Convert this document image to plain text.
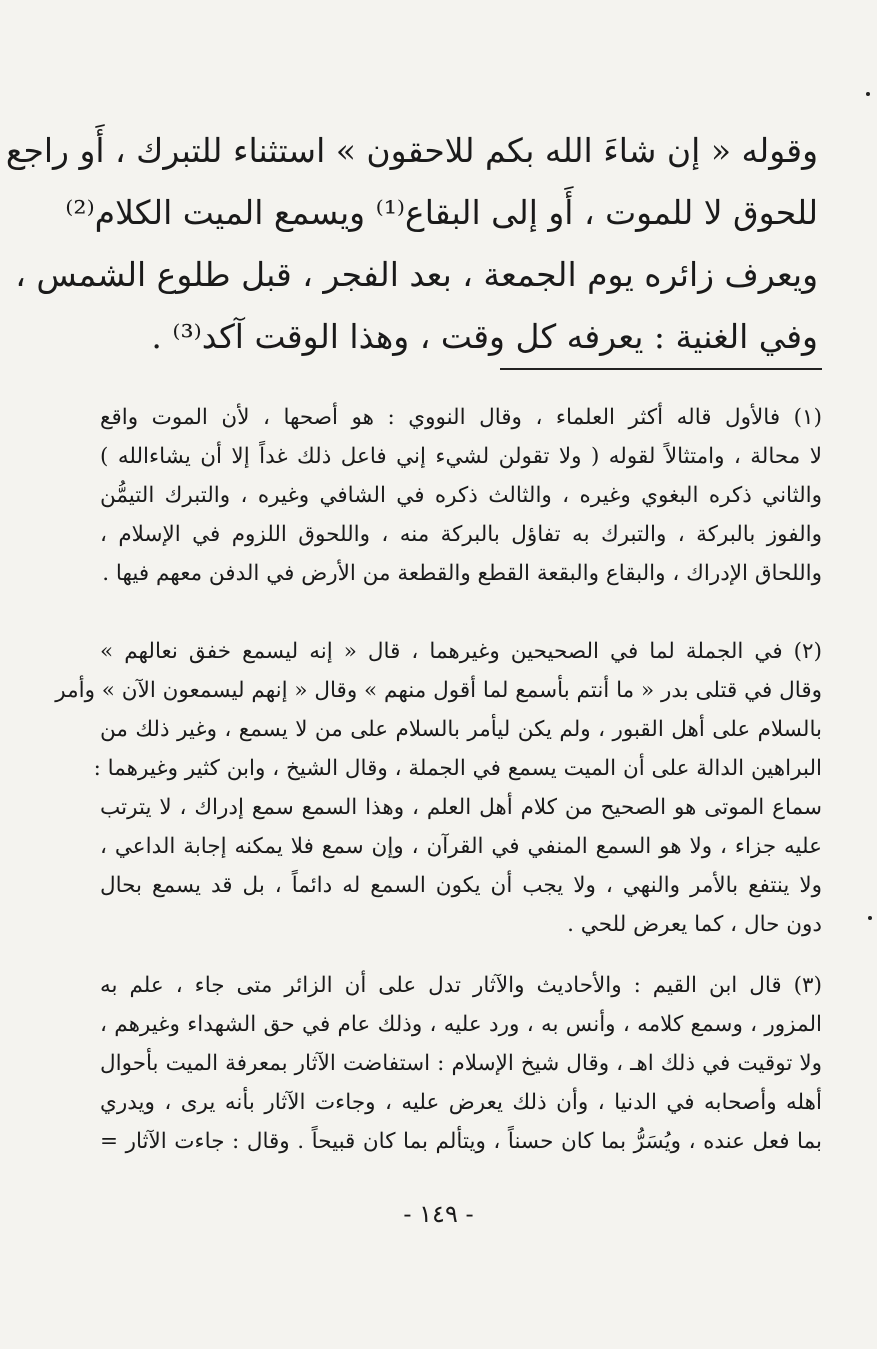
وقوله « إن شاءَ الله بكم للاحقون » استثناء للتبرك ، أَو راجع
للحوق لا للموت ، أَو إلى البقاع⁽¹⁾ ويسمع الميت الكلام⁽²⁾
ويعرف زائره يوم الجمعة ، بعد الفجر ، قبل طلوع الشمس ،
وفي الغنية : يعرفه كل وقت ، وهذا الوقت آكد⁽³⁾ .
(١) فالأول قاله أكثر العلماء ، وقال النووي : هو أصحها ، لأن الموت واقع
لا محالة ، وامتثالاً لقوله ( ولا تقولن لشيء إني فاعل ذلك غداً إلا أن يشاءالله )
والثاني ذكره البغوي وغيره ، والثالث ذكره في الشافي وغيره ، والتبرك التيمُّن
والفوز بالبركة ، والتبرك به تفاؤل بالبركة منه ، واللحوق اللزوم في الإسلام ،
واللحاق الإدراك ، والبقاع والبقعة القطع والقطعة من الأرض في الدفن معهم فيها .
(٢) في الجملة لما في الصحيحين وغيرهما ، قال « إنه ليسمع خفق نعالهم »
وقال في قتلى بدر « ما أنتم بأسمع لما أقول منهم » وقال « إنهم ليسمعون الآن » وأمر
بالسلام على أهل القبور ، ولم يكن ليأمر بالسلام على من لا يسمع ، وغير ذلك من
البراهين الدالة على أن الميت يسمع في الجملة ، وقال الشيخ ، وابن كثير وغيرهما :
سماع الموتى هو الصحيح من كلام أهل العلم ، وهذا السمع سمع إدراك ، لا يترتب
عليه جزاء ، ولا هو السمع المنفي في القرآن ، وإن سمع فلا يمكنه إجابة الداعي ،
ولا ينتفع بالأمر والنهي ، ولا يجب أن يكون السمع له دائماً ، بل قد يسمع بحال
دون حال ، كما يعرض للحي .
(٣) قال ابن القيم : والأحاديث والآثار تدل على أن الزائر متى جاء ، علم به
المزور ، وسمع كلامه ، وأنس به ، ورد عليه ، وذلك عام في حق الشهداء وغيرهم ،
ولا توقيت في ذلك اهـ ، وقال شيخ الإسلام : استفاضت الآثار بمعرفة الميت بأحوال
أهله وأصحابه في الدنيا ، وأن ذلك يعرض عليه ، وجاءت الآثار بأنه يرى ، ويدري
بما فعل عنده ، ويُسَرُّ بما كان حسناً ، ويتألم بما كان قبيحاً . وقال : جاءت الآثار =
- ١٤٩ -
